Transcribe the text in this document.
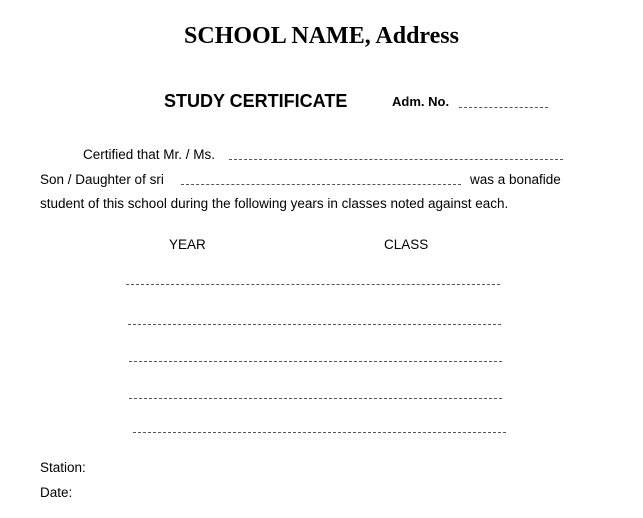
SCHOOL NAME, Address
STUDY CERTIFICATE	Adm. No.
Certified that Mr. / Ms.
Son / Daughter of sri	was a bonafide
student of this school during the following years in classes noted against each.
YEAR	CLASS
Station:
Date:
